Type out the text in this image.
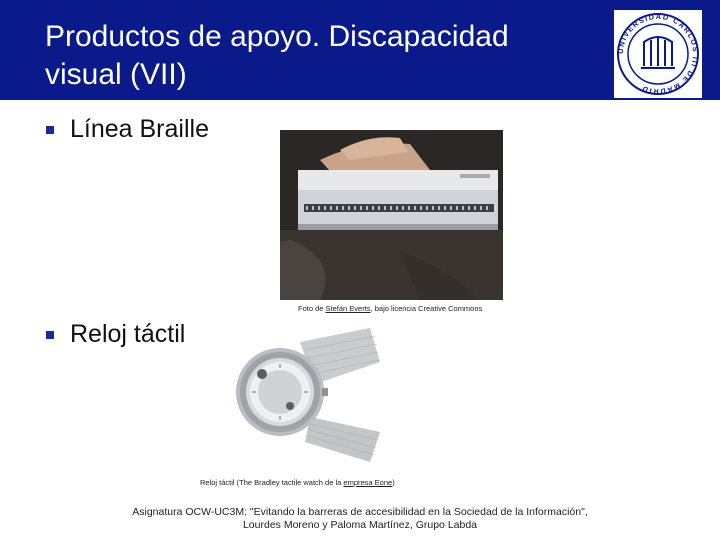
Productos de apoyo. Discapacidad
visual (VII)
UNIVERSIDAD CARLOS III DE MADRID
Línea Braille
Foto de Stefan Everts, bajo licencia Creative Commons
Reloj táctil
Reloj táctil (The Bradley tactile watch de la empresa Eone)
Asignatura OCW-UC3M: "Evitando la barreras de accesibilidad en la Sociedad de la Información",
Lourdes Moreno y Paloma Martínez, Grupo Labda
